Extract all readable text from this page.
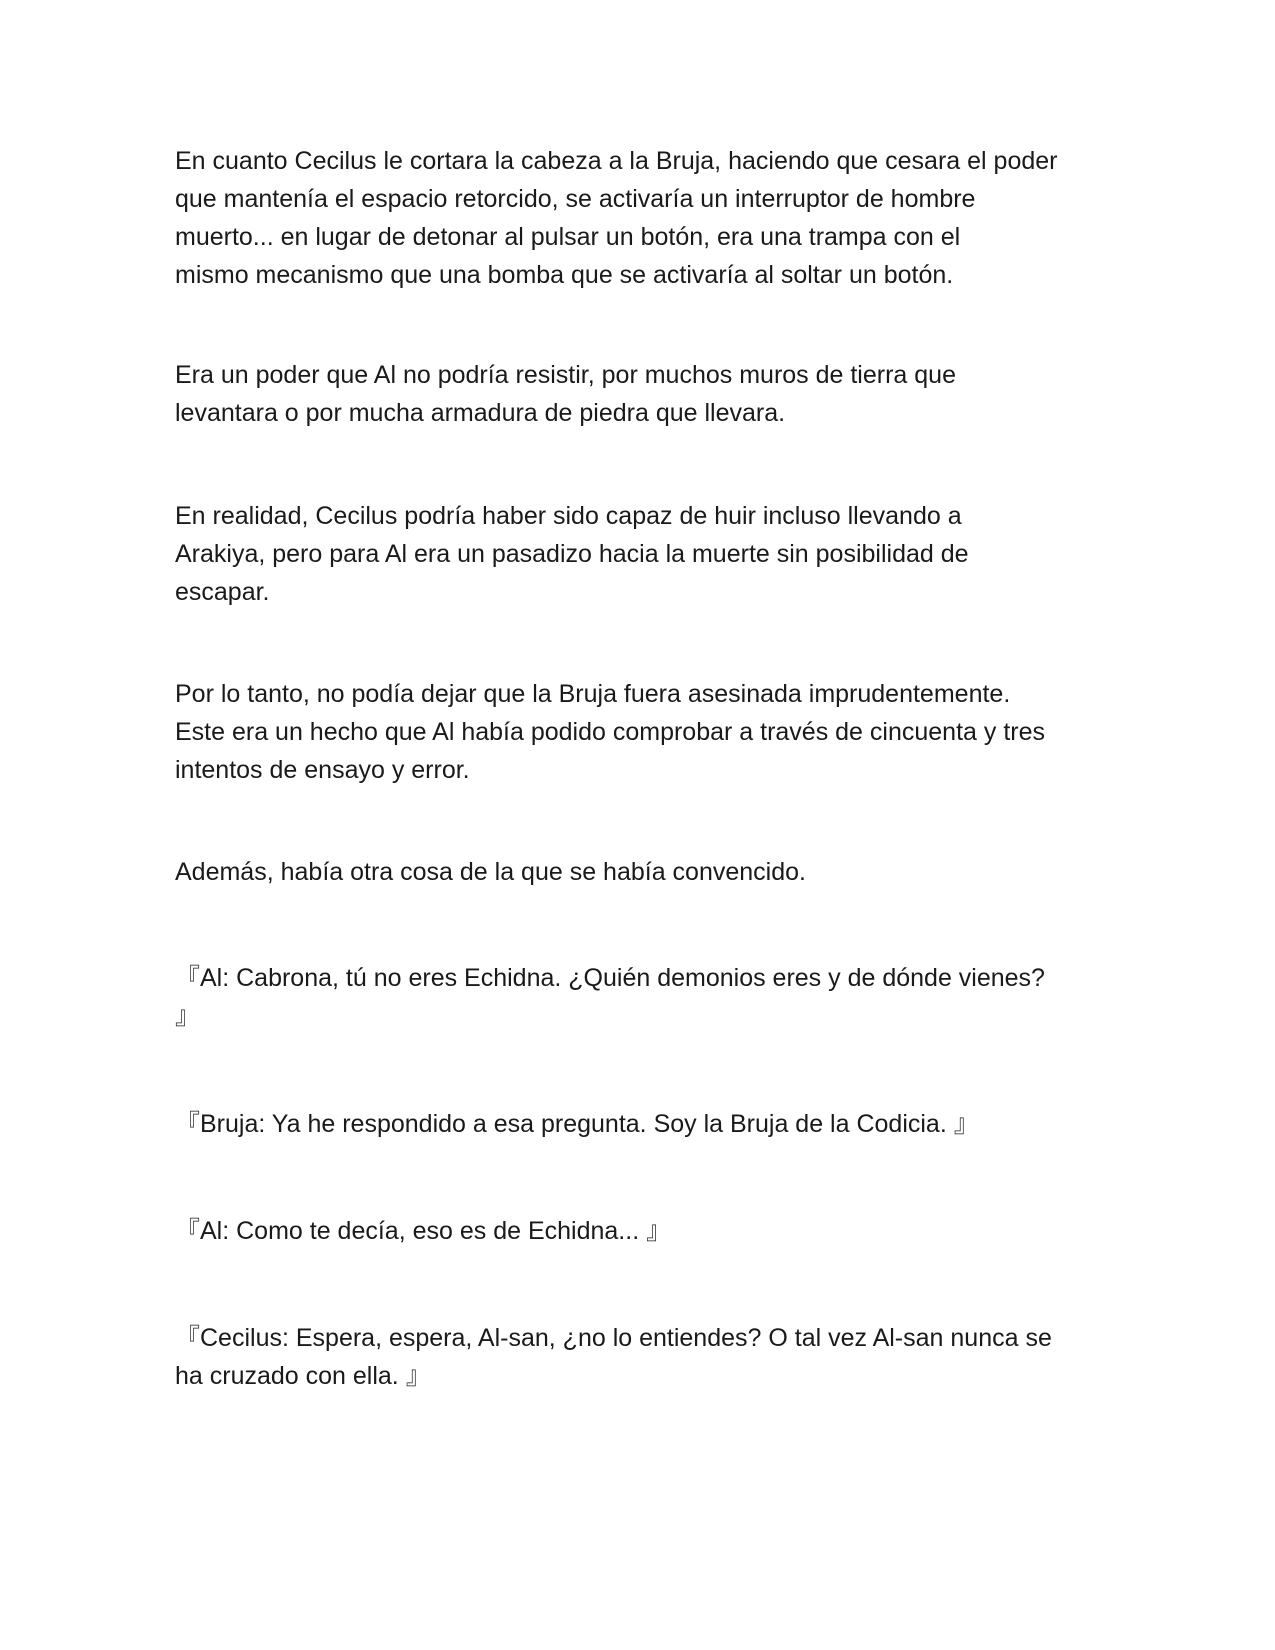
En cuanto Cecilus le cortara la cabeza a la Bruja, haciendo que cesara el poder
que mantenía el espacio retorcido, se activaría un interruptor de hombre
muerto... en lugar de detonar al pulsar un botón, era una trampa con el
mismo mecanismo que una bomba que se activaría al soltar un botón.

Era un poder que Al no podría resistir, por muchos muros de tierra que
levantara o por mucha armadura de piedra que llevara.

En realidad, Cecilus podría haber sido capaz de huir incluso llevando a
Arakiya, pero para Al era un pasadizo hacia la muerte sin posibilidad de
escapar.

Por lo tanto, no podía dejar que la Bruja fuera asesinada imprudentemente.
Este era un hecho que Al había podido comprobar a través de cincuenta y tres
intentos de ensayo y error.

Además, había otra cosa de la que se había convencido.

『Al: Cabrona, tú no eres Echidna. ¿Quién demonios eres y de dónde vienes?
』

『Bruja: Ya he respondido a esa pregunta. Soy la Bruja de la Codicia. 』

『Al: Como te decía, eso es de Echidna... 』

『Cecilus: Espera, espera, Al-san, ¿no lo entiendes? O tal vez Al-san nunca se
ha cruzado con ella. 』
